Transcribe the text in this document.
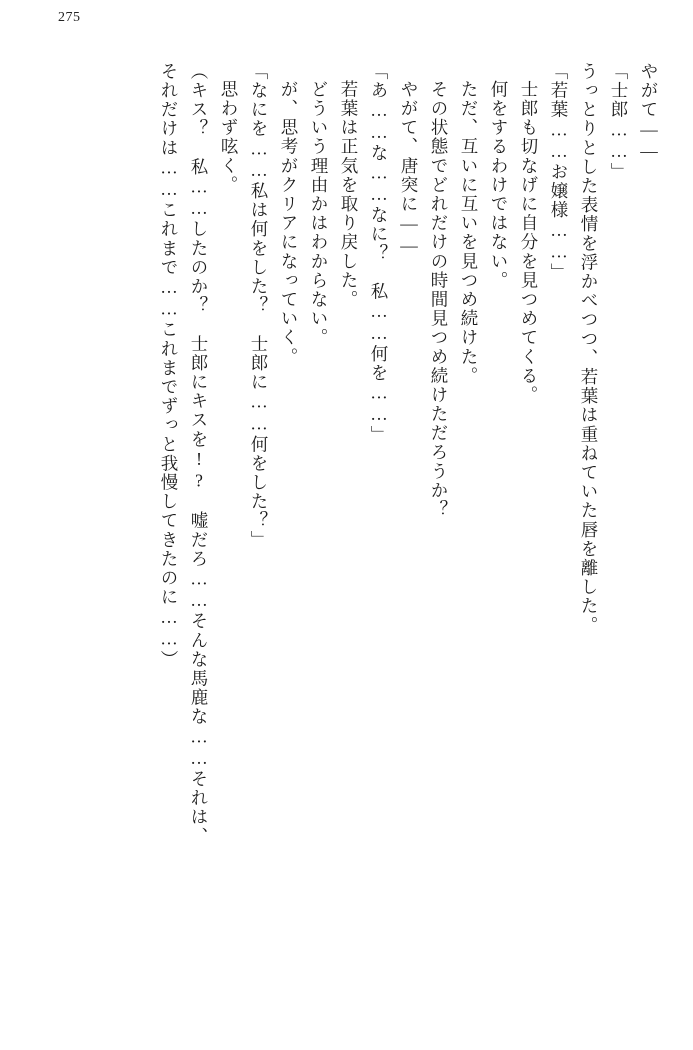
275
やがて――
「士郎……」
うっとりとした表情を浮かべつつ、若葉は重ねていた唇を離した。
「若葉……お嬢様……」
士郎も切なげに自分を見つめてくる。
何をするわけではない。
ただ、互いに互いを見つめ続けた。
その状態でどれだけの時間見つめ続けただろうか？
やがて、唐突に――
「あ……な……なに？　私……何を……」
若葉は正気を取り戻した。
どういう理由かはわからない。
が、思考がクリアになっていく。
「なにを……私は何をした？　士郎に……何をした？」
思わず呟く。
（キス？　私……したのか？　士郎にキスを!?　嘘だろ……そんな馬鹿な……それは、
それだけは……これまで……これまでずっと我慢してきたのに……）
